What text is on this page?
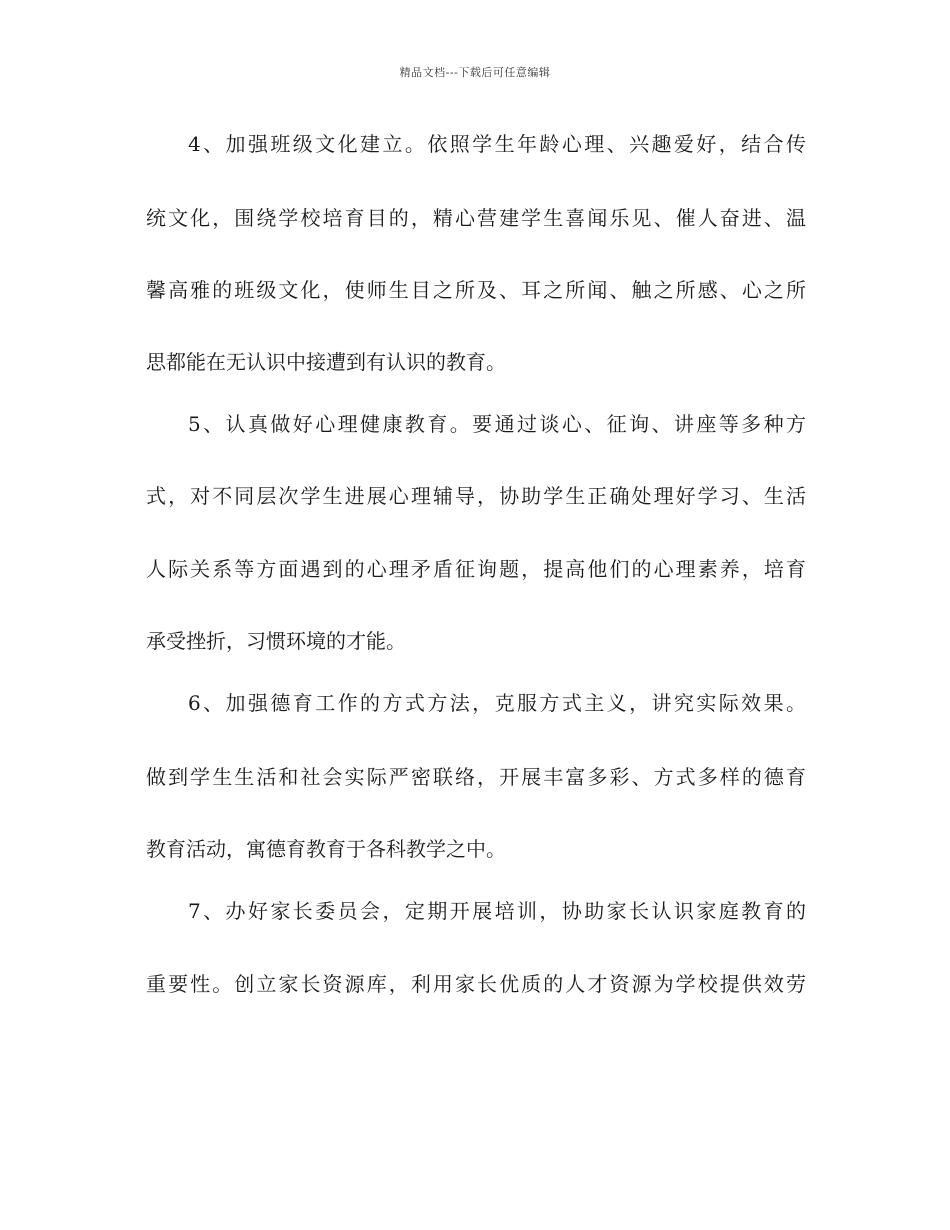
精品文档---下载后可任意编辑
4、加强班级文化建立。依照学生年龄心理、兴趣爱好，结合传
统文化，围绕学校培育目的，精心营建学生喜闻乐见、催人奋进、温
馨高雅的班级文化，使师生目之所及、耳之所闻、触之所感、心之所
思都能在无认识中接遭到有认识的教育。
5、认真做好心理健康教育。要通过谈心、征询、讲座等多种方
式，对不同层次学生进展心理辅导，协助学生正确处理好学习、生活
人际关系等方面遇到的心理矛盾征询题，提高他们的心理素养，培育
承受挫折，习惯环境的才能。
6、加强德育工作的方式方法，克服方式主义，讲究实际效果。
做到学生生活和社会实际严密联络，开展丰富多彩、方式多样的德育
教育活动，寓德育教育于各科教学之中。
7、办好家长委员会，定期开展培训，协助家长认识家庭教育的
重要性。创立家长资源库，利用家长优质的人才资源为学校提供效劳
